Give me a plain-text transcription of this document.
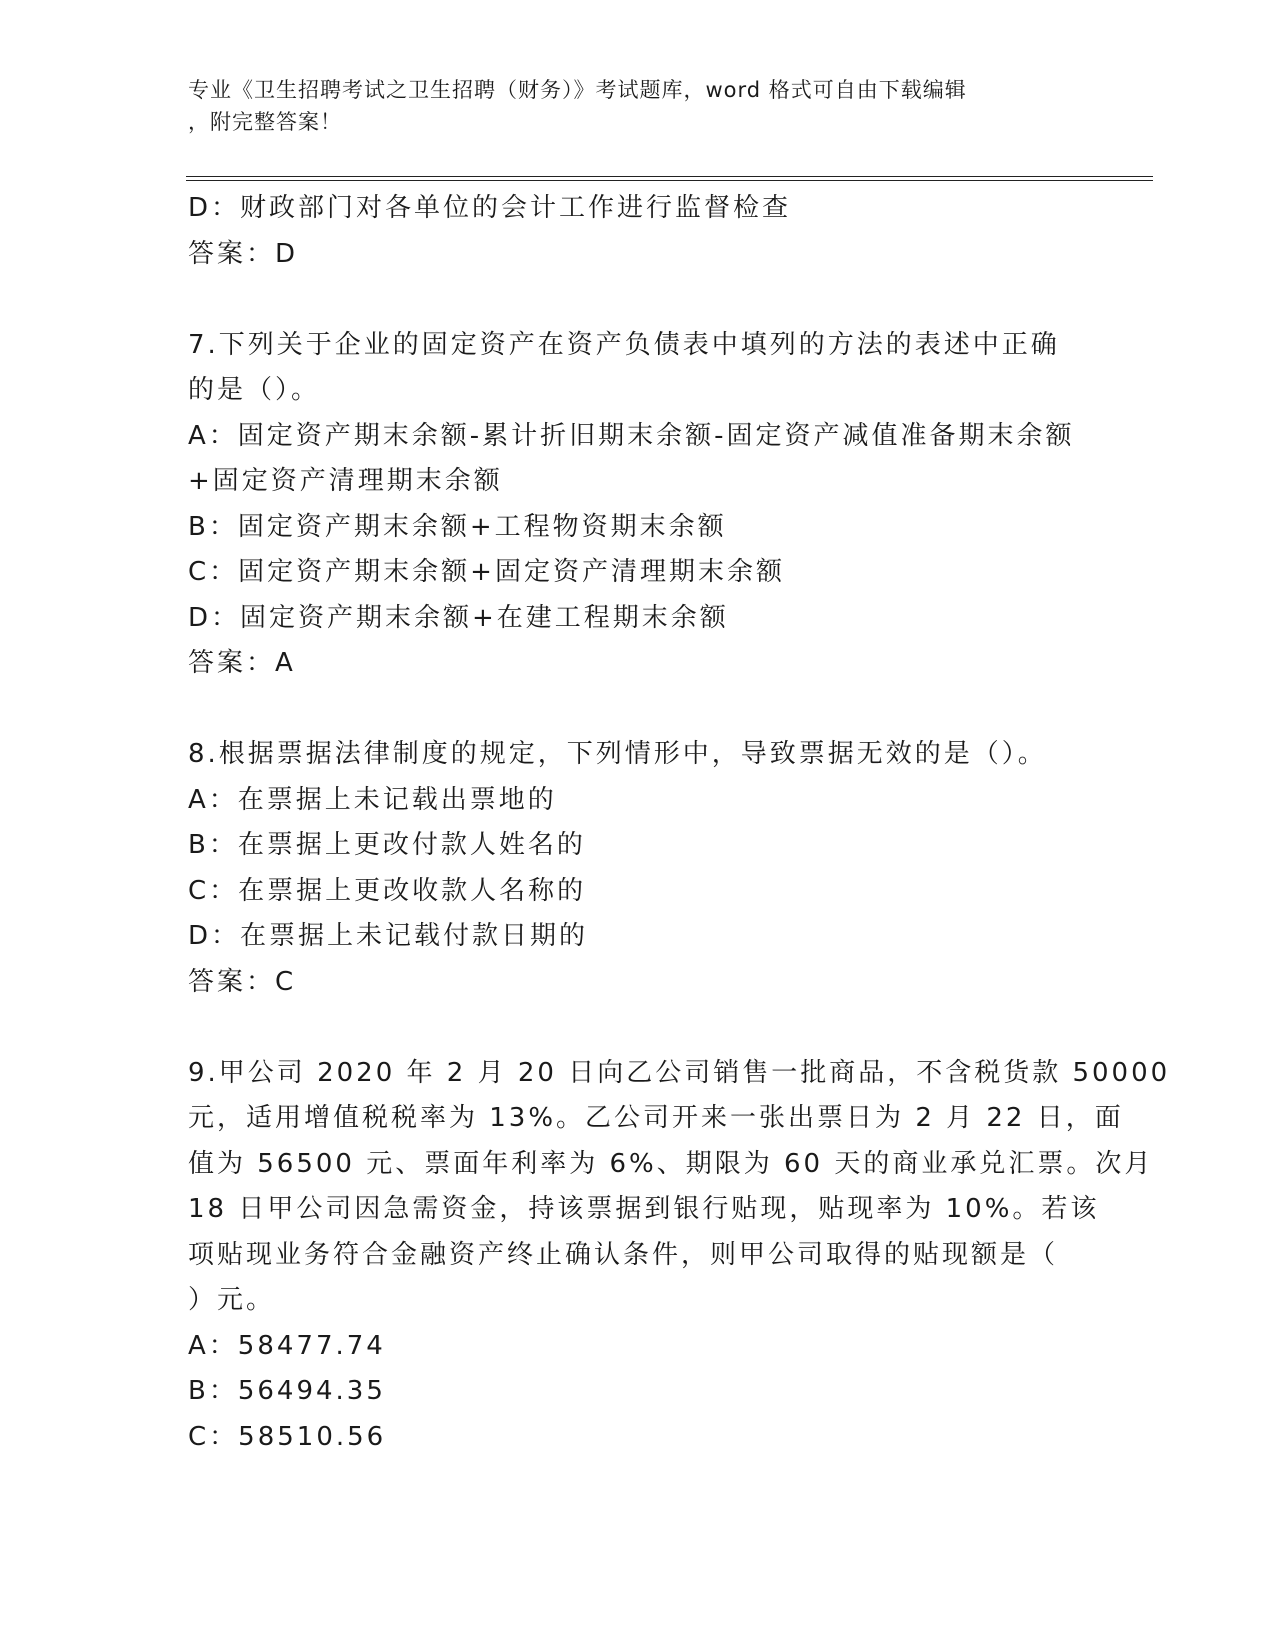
专业《卫生招聘考试之卫生招聘（财务）》考试题库，word 格式可自由下载编辑
，附完整答案！

D：财政部门对各单位的会计工作进行监督检查

答案：D

7.下列关于企业的固定资产在资产负债表中填列的方法的表述中正确

的是（）。

A：固定资产期末余额-累计折旧期末余额-固定资产减值准备期末余额

+固定资产清理期末余额

B：固定资产期末余额+工程物资期末余额

C：固定资产期末余额+固定资产清理期末余额

D：固定资产期末余额+在建工程期末余额

答案：A

8.根据票据法律制度的规定，下列情形中，导致票据无效的是（）。

A：在票据上未记载出票地的

B：在票据上更改付款人姓名的

C：在票据上更改收款人名称的

D：在票据上未记载付款日期的

答案：C

9.甲公司 2020 年 2 月 20 日向乙公司销售一批商品，不含税货款 50000

元，适用增值税税率为 13%。乙公司开来一张出票日为 2 月 22 日，面

值为 56500 元、票面年利率为 6%、期限为 60 天的商业承兑汇票。次月

18 日甲公司因急需资金，持该票据到银行贴现，贴现率为 10%。若该

项贴现业务符合金融资产终止确认条件，则甲公司取得的贴现额是（

）元。

A：58477.74

B：56494.35

C：58510.56
